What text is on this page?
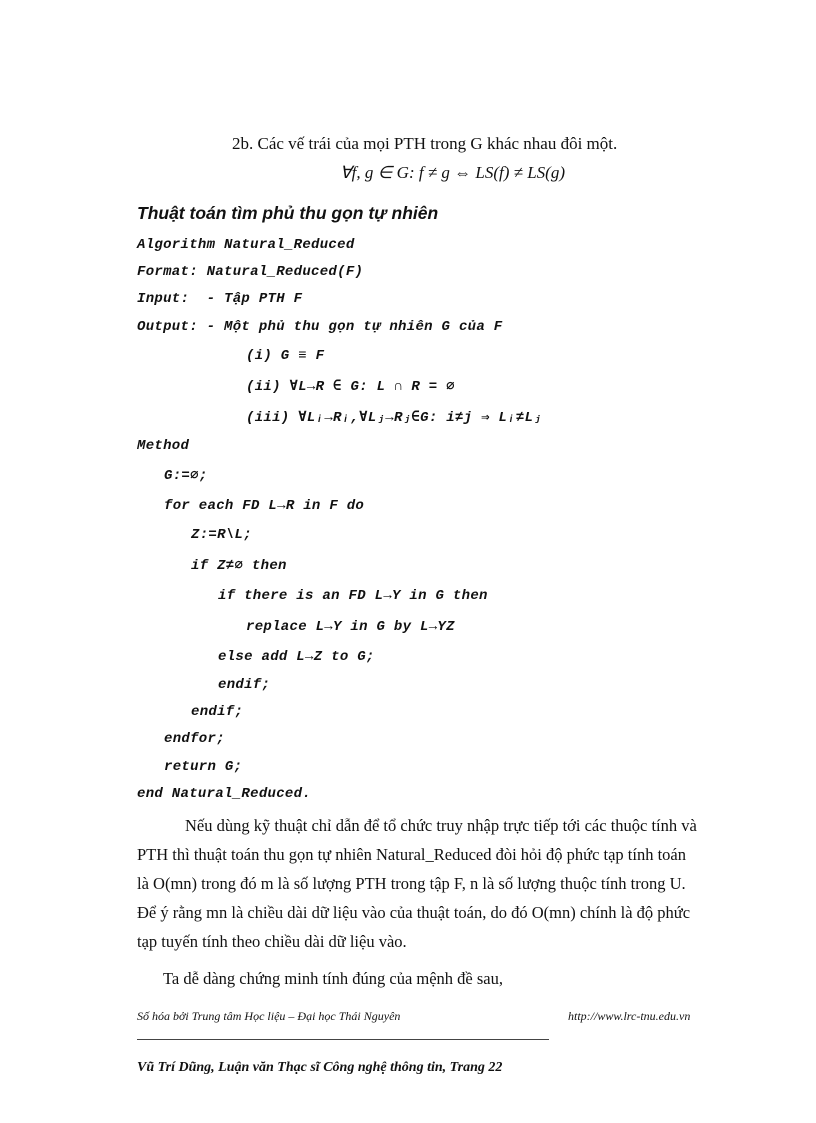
2b. Các vế trái của mọi PTH trong G khác nhau đôi một.
∀f, g ∈ G: f ≠ g ⇔ LS(f) ≠ LS(g)
Thuật toán tìm phủ thu gọn tự nhiên
Algorithm Natural_Reduced
Format: Natural_Reduced(F)
Input:  - Tập PTH F
Output: - Một phủ thu gọn tự nhiên G của F
(i) G ≡ F
(ii) ∀L→R ∈ G: L ∩ R = ∅
(iii) ∀Lᵢ→Rᵢ,∀Lⱼ→Rⱼ∈G: i≠j ⇒ Lᵢ≠Lⱼ
Method
G:=∅;
for each FD L→R in F do
Z:=R\L;
if Z≠∅ then
if there is an FD L→Y in G then
replace L→Y in G by L→YZ
else add L→Z to G;
endif;
endif;
endfor;
return G;
end Natural_Reduced.
Nếu dùng kỹ thuật chỉ dẫn để tổ chức truy nhập trực tiếp tới các thuộc tính và
PTH thì thuật toán thu gọn tự nhiên Natural_Reduced đòi hỏi độ phức tạp tính toán
là O(mn) trong đó m là số lượng PTH trong tập F, n là số lượng thuộc tính trong U.
Để ý rằng mn là chiều dài dữ liệu vào của thuật toán, do đó O(mn) chính là độ phức
tạp tuyến tính theo chiều dài dữ liệu vào.
Ta dễ dàng chứng minh tính đúng của mệnh đề sau,
Số hóa bởi Trung tâm Học liệu – Đại học Thái Nguyên	http://www.lrc-tnu.edu.vn
Vũ Trí Dũng, Luận văn Thạc sĩ Công nghệ thông tin, Trang 22
